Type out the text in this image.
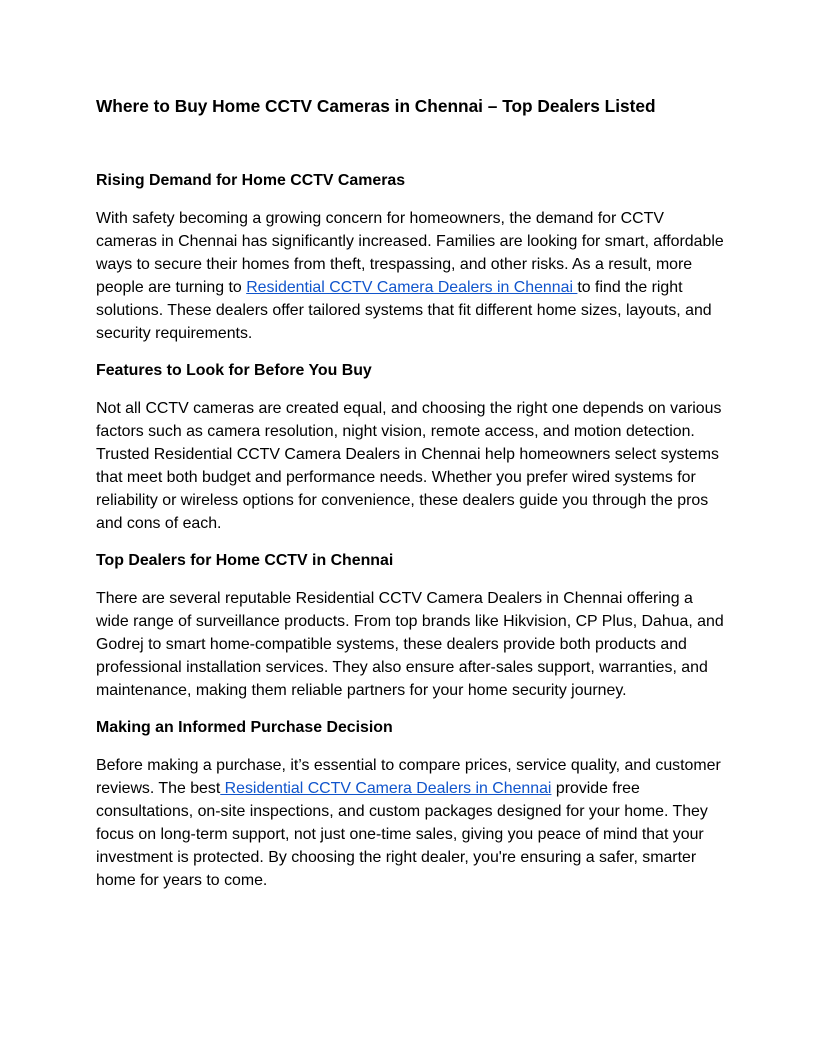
Where to Buy Home CCTV Cameras in Chennai – Top Dealers Listed
Rising Demand for Home CCTV Cameras

With safety becoming a growing concern for homeowners, the demand for CCTV cameras in Chennai has significantly increased. Families are looking for smart, affordable ways to secure their homes from theft, trespassing, and other risks. As a result, more people are turning to Residential CCTV Camera Dealers in Chennai to find the right solutions. These dealers offer tailored systems that fit different home sizes, layouts, and security requirements.

Features to Look for Before You Buy

Not all CCTV cameras are created equal, and choosing the right one depends on various factors such as camera resolution, night vision, remote access, and motion detection. Trusted Residential CCTV Camera Dealers in Chennai help homeowners select systems that meet both budget and performance needs. Whether you prefer wired systems for reliability or wireless options for convenience, these dealers guide you through the pros and cons of each.

Top Dealers for Home CCTV in Chennai

There are several reputable Residential CCTV Camera Dealers in Chennai offering a wide range of surveillance products. From top brands like Hikvision, CP Plus, Dahua, and Godrej to smart home-compatible systems, these dealers provide both products and professional installation services. They also ensure after-sales support, warranties, and maintenance, making them reliable partners for your home security journey.

Making an Informed Purchase Decision

Before making a purchase, it’s essential to compare prices, service quality, and customer reviews. The best Residential CCTV Camera Dealers in Chennai provide free consultations, on-site inspections, and custom packages designed for your home. They focus on long-term support, not just one-time sales, giving you peace of mind that your investment is protected. By choosing the right dealer, you're ensuring a safer, smarter home for years to come.
